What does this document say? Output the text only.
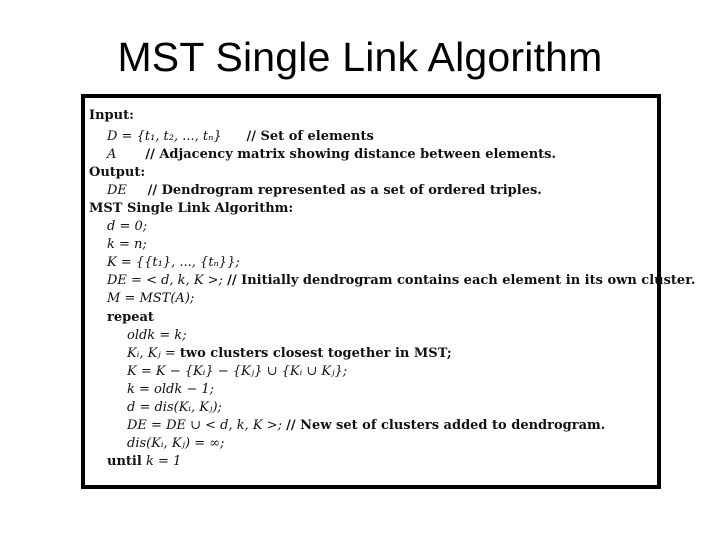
MST Single Link Algorithm
Input:
D = {t₁, t₂, ..., tₙ} // Set of elements
A // Adjacency matrix showing distance between elements.
Output:
DE // Dendrogram represented as a set of ordered triples.
MST Single Link Algorithm:
d = 0;
k = n;
K = {{t₁}, ..., {tₙ}};
DE = < d, k, K >; // Initially dendrogram contains each element in its own cluster.
M = MST(A);
repeat
oldk = k;
Kᵢ, Kⱼ = two clusters closest together in MST;
K = K − {Kᵢ} − {Kⱼ} ∪ {Kᵢ ∪ Kⱼ};
k = oldk − 1;
d = dis(Kᵢ, Kⱼ);
DE = DE ∪ < d, k, K >; // New set of clusters added to dendrogram.
dis(Kᵢ, Kⱼ) = ∞;
until k = 1
